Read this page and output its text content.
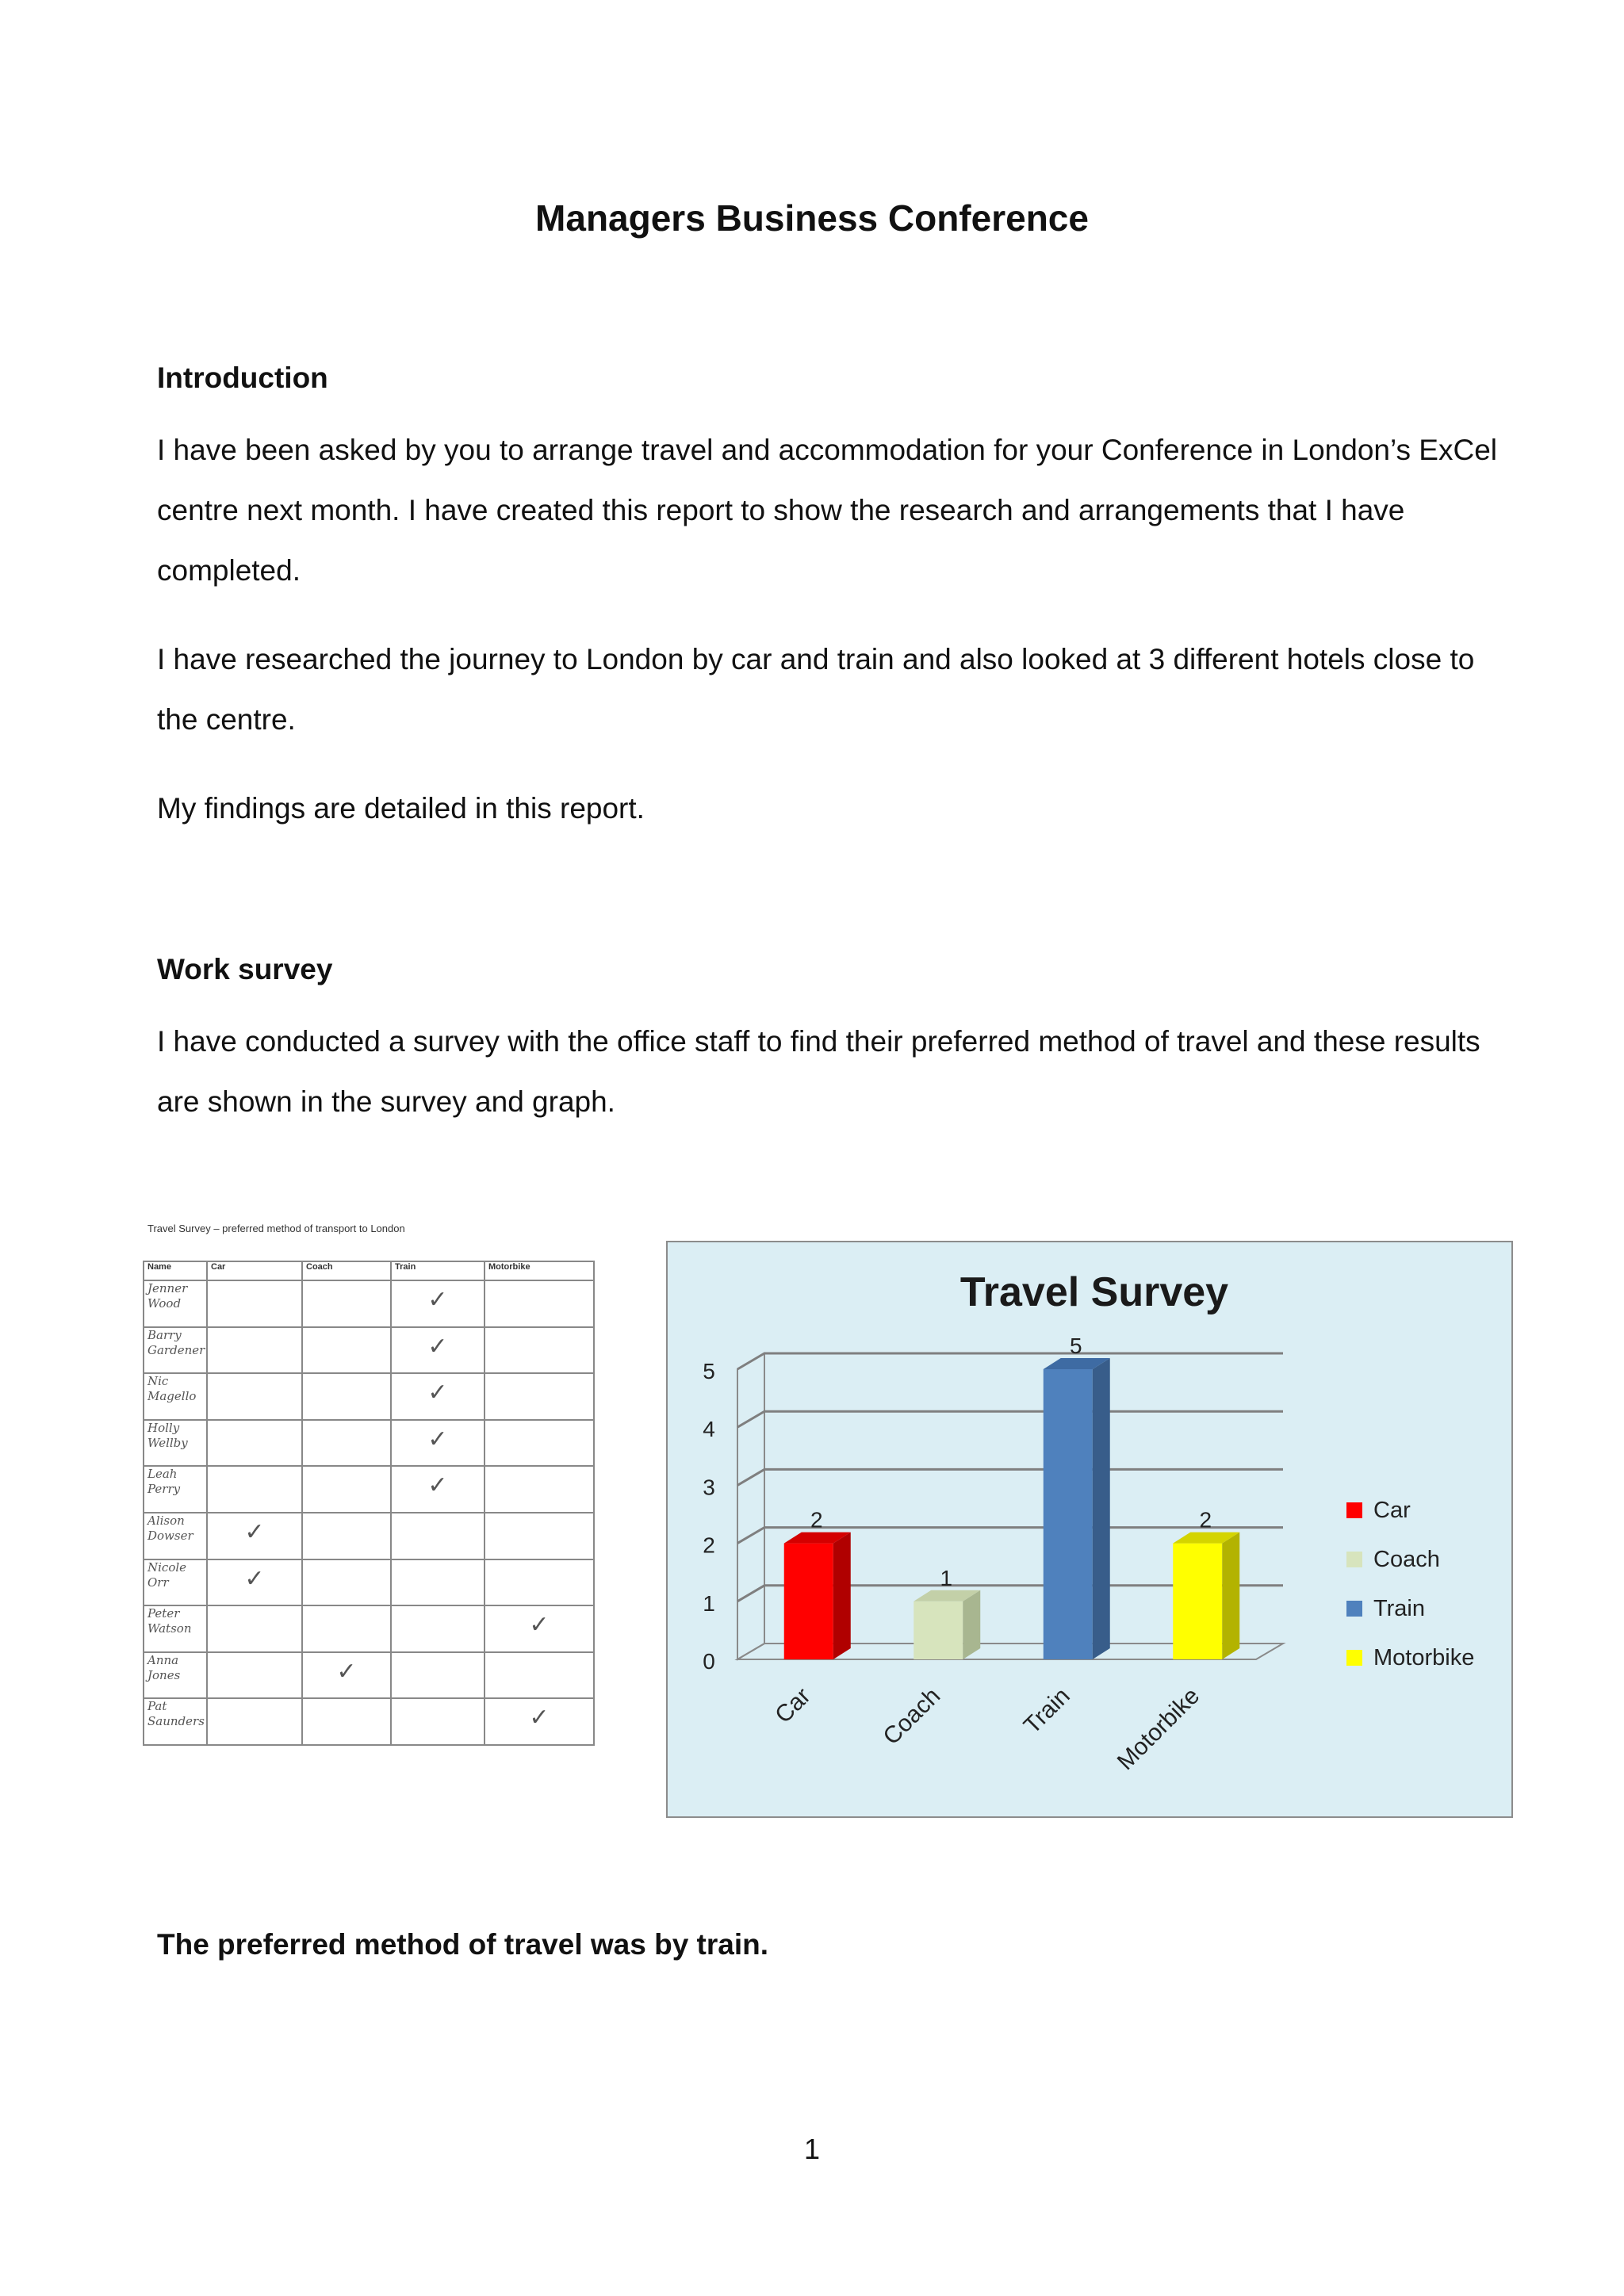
Managers Business Conference
Introduction

I have been asked by you to arrange travel and accommodation for your Conference in London’s ExCel centre next month. I have created this report to show the research and arrangements that I have completed.

I have researched the journey to London by car and train and also looked at 3 different hotels close to the centre.

My findings are detailed in this report.

Work survey

I have conducted a survey with the office staff to find their preferred method of travel and these results are shown in the survey and graph.

Travel Survey – preferred method of transport to London
Name	Car	Coach	Train	Motorbike

Jenner Wood			✓	

Barry Gardener			✓	

Nic Magello			✓	

Holly Wellby			✓	

Leah Perry			✓	

Alison Dowser	✓			

Nicole Orr	✓			

Peter Watson				✓

Anna Jones		✓		

Pat Saunders				✓
Travel Survey
0
1
2
3
4
5
2
Car
1
Coach
5
Train
2
Motorbike
Car
Coach
Train
Motorbike

The preferred method of travel was by train.

1
